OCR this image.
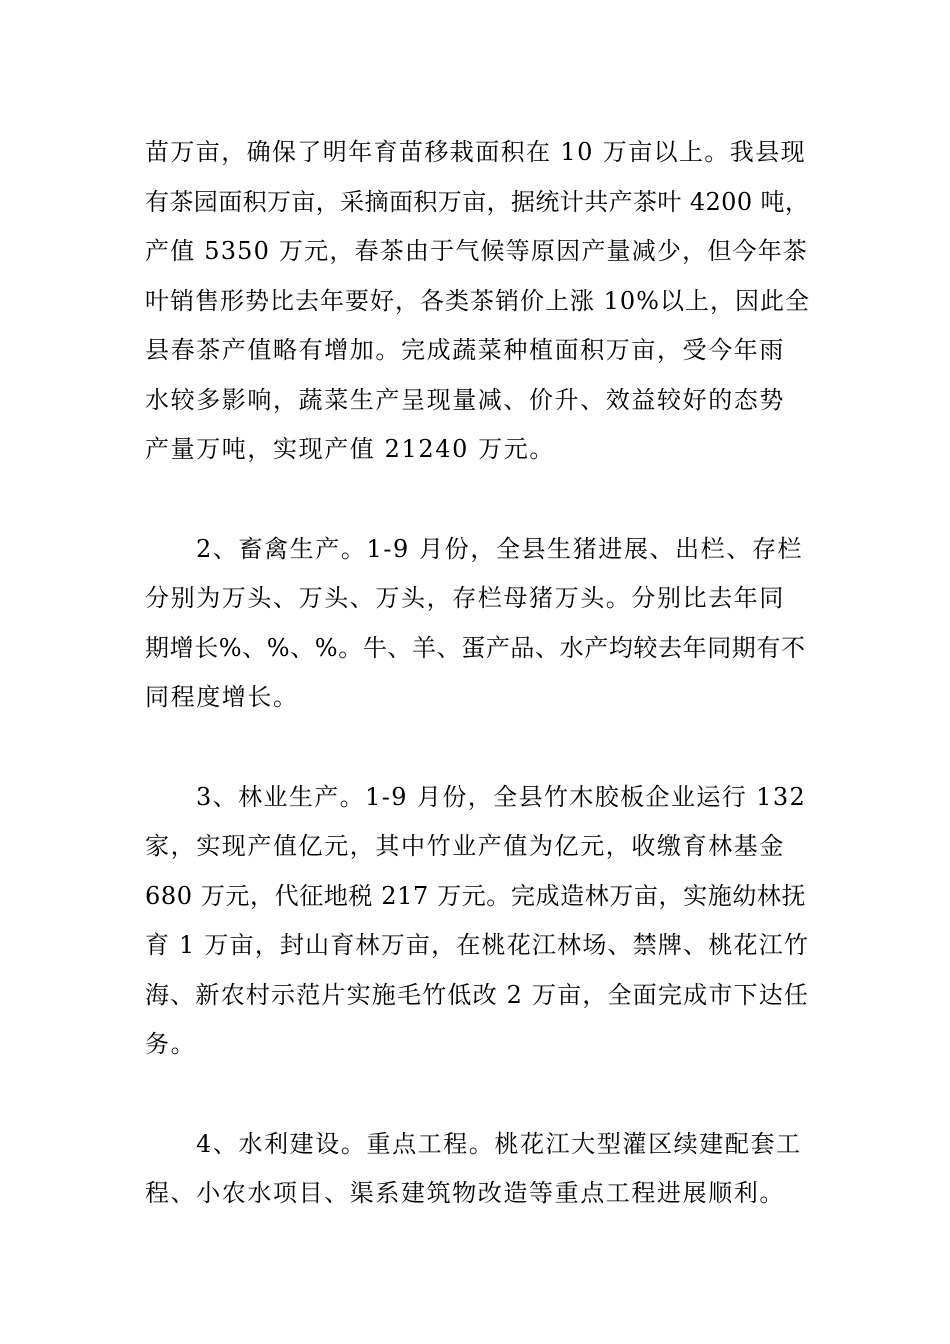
苗万亩，确保了明年育苗移栽面积在 10 万亩以上。我县现
有茶园面积万亩，采摘面积万亩，据统计共产茶叶 4200 吨，
产值 5350 万元，春茶由于气候等原因产量减少，但今年茶
叶销售形势比去年要好，各类茶销价上涨 10%以上，因此全
县春茶产值略有增加。完成蔬菜种植面积万亩，受今年雨
水较多影响，蔬菜生产呈现量减、价升、效益较好的态势
产量万吨，实现产值 21240 万元。
2、畜禽生产。1-9 月份，全县生猪进展、出栏、存栏
分别为万头、万头、万头，存栏母猪万头。分别比去年同
期增长%、%、%。牛、羊、蛋产品、水产均较去年同期有不
同程度增长。
3、林业生产。1-9 月份，全县竹木胶板企业运行 132
家，实现产值亿元，其中竹业产值为亿元，收缴育林基金
680 万元，代征地税 217 万元。完成造林万亩，实施幼林抚
育 1 万亩，封山育林万亩，在桃花江林场、禁牌、桃花江竹
海、新农村示范片实施毛竹低改 2 万亩，全面完成市下达任
务。
4、水利建设。重点工程。桃花江大型灌区续建配套工
程、小农水项目、渠系建筑物改造等重点工程进展顺利。
